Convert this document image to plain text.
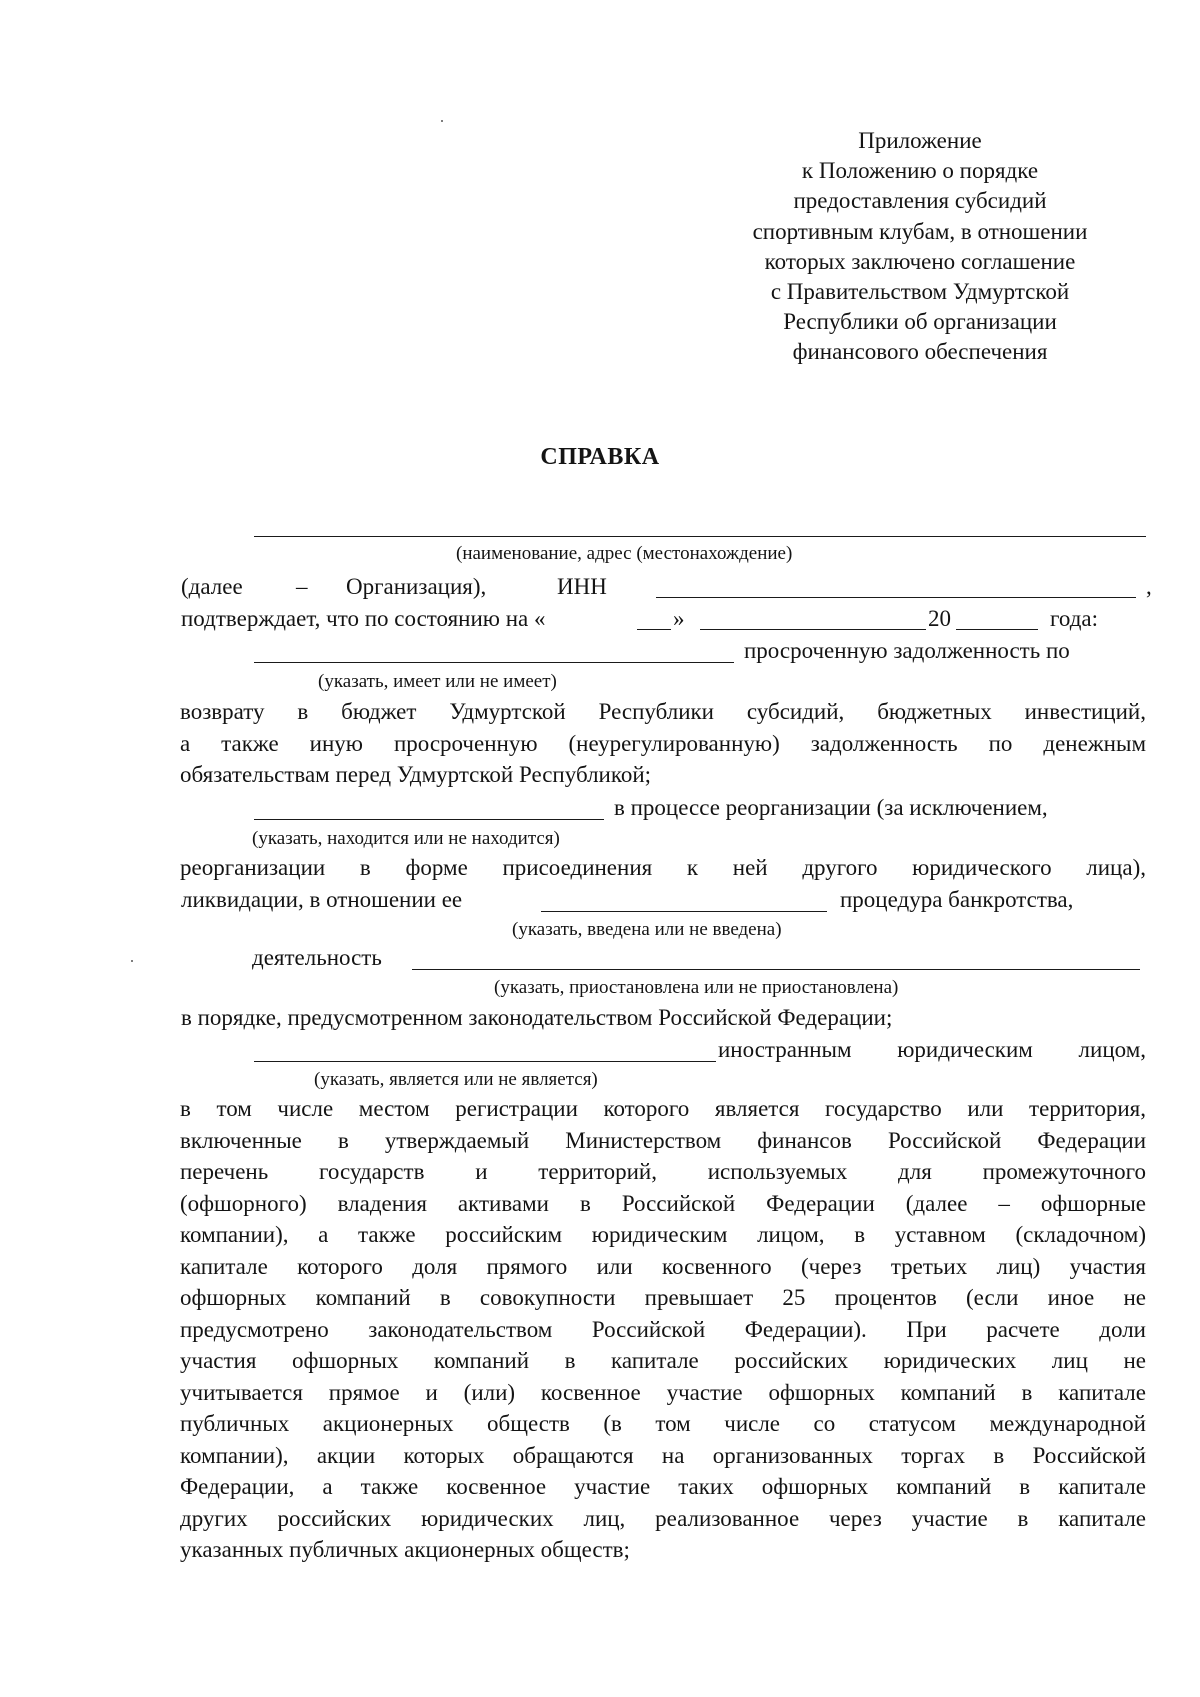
Приложение
к Положению о порядке
предоставления субсидий
спортивным клубам, в отношении
которых заключено соглашение
с Правительством Удмуртской
Республики об организации
финансового обеспечения
СПРАВКА
(наименование, адрес (местонахождение)
(далее – Организация),	ИНН	,
подтверждает, что по состоянию на «	»	20	года:
просроченную задолженность по
(указать, имеет или не имеет)
возврату в бюджет Удмуртской Республики субсидий, бюджетных инвестиций,
а также иную просроченную (неурегулированную) задолженность по денежным
обязательствам перед Удмуртской Республикой;
в процессе реорганизации (за исключением,
(указать, находится или не находится)
реорганизации в форме присоединения к ней другого юридического лица),
ликвидации, в отношении ее	процедура банкротства,
(указать, введена или не введена)
деятельность
(указать, приостановлена или не приостановлена)
в порядке, предусмотренном законодательством Российской Федерации;
иностранным юридическим лицом,
(указать, является или не является)
в том числе местом регистрации которого является государство или территория,
включенные в утверждаемый Министерством финансов Российской Федерации
перечень государств и территорий, используемых для промежуточного
(офшорного) владения активами в Российской Федерации (далее – офшорные
компании), а также российским юридическим лицом, в уставном (складочном)
капитале которого доля прямого или косвенного (через третьих лиц) участия
офшорных компаний в совокупности превышает 25 процентов (если иное не
предусмотрено законодательством Российской Федерации). При расчете доли
участия офшорных компаний в капитале российских юридических лиц не
учитывается прямое и (или) косвенное участие офшорных компаний в капитале
публичных акционерных обществ (в том числе со статусом международной
компании), акции которых обращаются на организованных торгах в Российской
Федерации, а также косвенное участие таких офшорных компаний в капитале
других российских юридических лиц, реализованное через участие в капитале
указанных публичных акционерных обществ;
